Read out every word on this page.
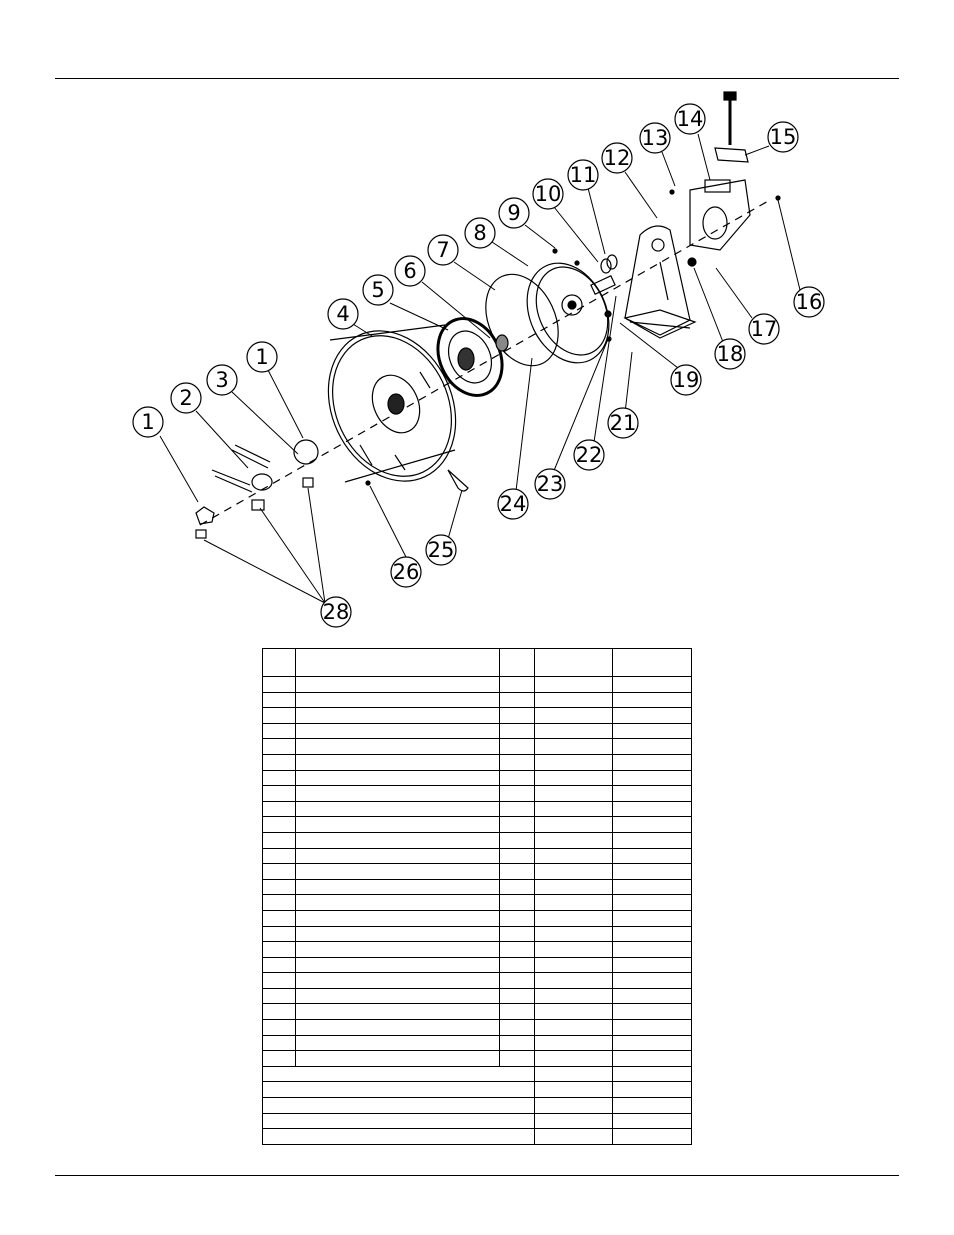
1
2
3
1
4
5
6
7
8
9
10
11
12
13
14
15
16
17
18
19
21
22
23
24
25
26
28
